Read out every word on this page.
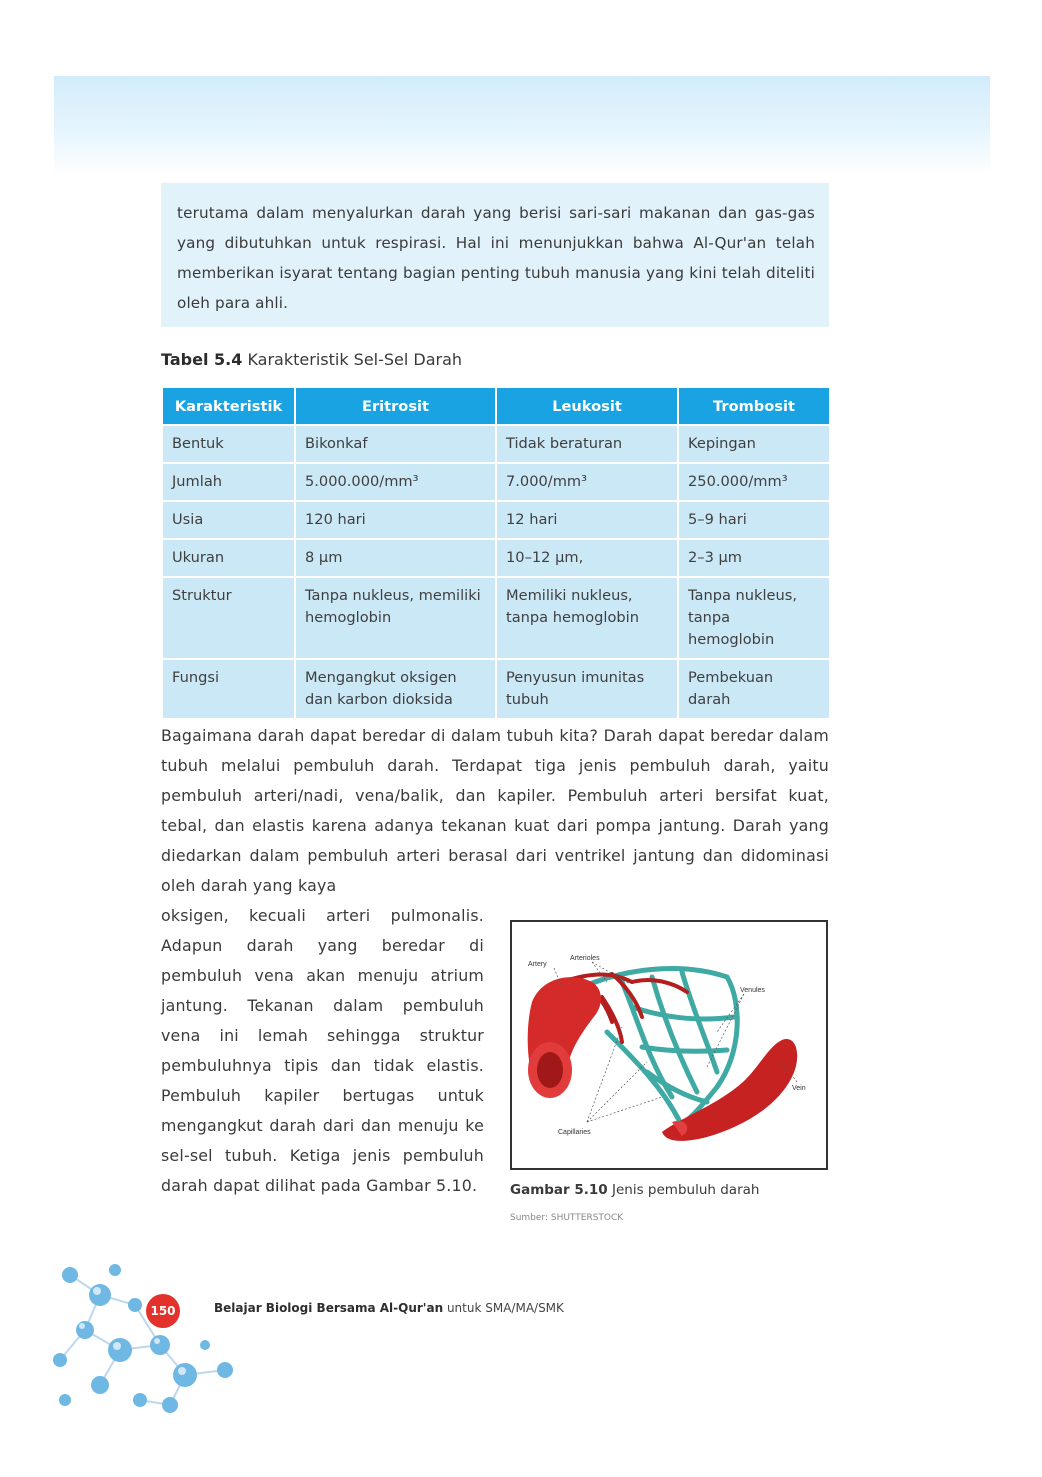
terutama dalam menyalurkan darah yang berisi sari-sari makanan dan gas-gas yang dibutuhkan untuk respirasi. Hal ini menunjukkan bahwa Al-Qur'an telah memberikan isyarat tentang bagian penting tubuh manusia yang kini telah diteliti oleh para ahli.

Tabel 5.4 Karakteristik Sel-Sel Darah

Karakteristik	Eritrosit	Leukosit	Trombosit
Bentuk	Bikonkaf	Tidak beraturan	Kepingan
Jumlah	5.000.000/mm³	7.000/mm³	250.000/mm³
Usia	120 hari	12 hari	5–9 hari
Ukuran	8 µm	10–12 µm,	2–3 µm
Struktur	Tanpa nukleus, memiliki hemoglobin	Memiliki nukleus, tanpa hemoglobin	Tanpa nukleus, tanpa hemoglobin
Fungsi	Mengangkut oksigen dan karbon dioksida	Penyusun imunitas tubuh	Pembekuan darah

Bagaimana darah dapat beredar di dalam tubuh kita? Darah dapat beredar dalam tubuh melalui pembuluh darah. Terdapat tiga jenis pembuluh darah, yaitu pembuluh arteri/nadi, vena/balik, dan kapiler. Pembuluh arteri bersifat kuat, tebal, dan elastis karena adanya tekanan kuat dari pompa jantung. Darah yang diedarkan dalam pembuluh arteri berasal dari ventrikel jantung dan didominasi oleh darah yang kaya

oksigen, kecuali arteri pulmonalis. Adapun darah yang beredar di pembuluh vena akan menuju atrium jantung. Tekanan dalam pembuluh vena ini lemah sehingga struktur pembuluhnya tipis dan tidak elastis. Pembuluh kapiler bertugas untuk mengangkut darah dari dan menuju ke sel-sel tubuh. Ketiga jenis pembuluh darah dapat dilihat pada Gambar 5.10.

Artery
Arterioles
Venules
Vein
Capillaries

Gambar 5.10 Jenis pembuluh darah

Sumber: SHUTTERSTOCK

150	Belajar Biologi Bersama Al-Qur'an untuk SMA/MA/SMK
